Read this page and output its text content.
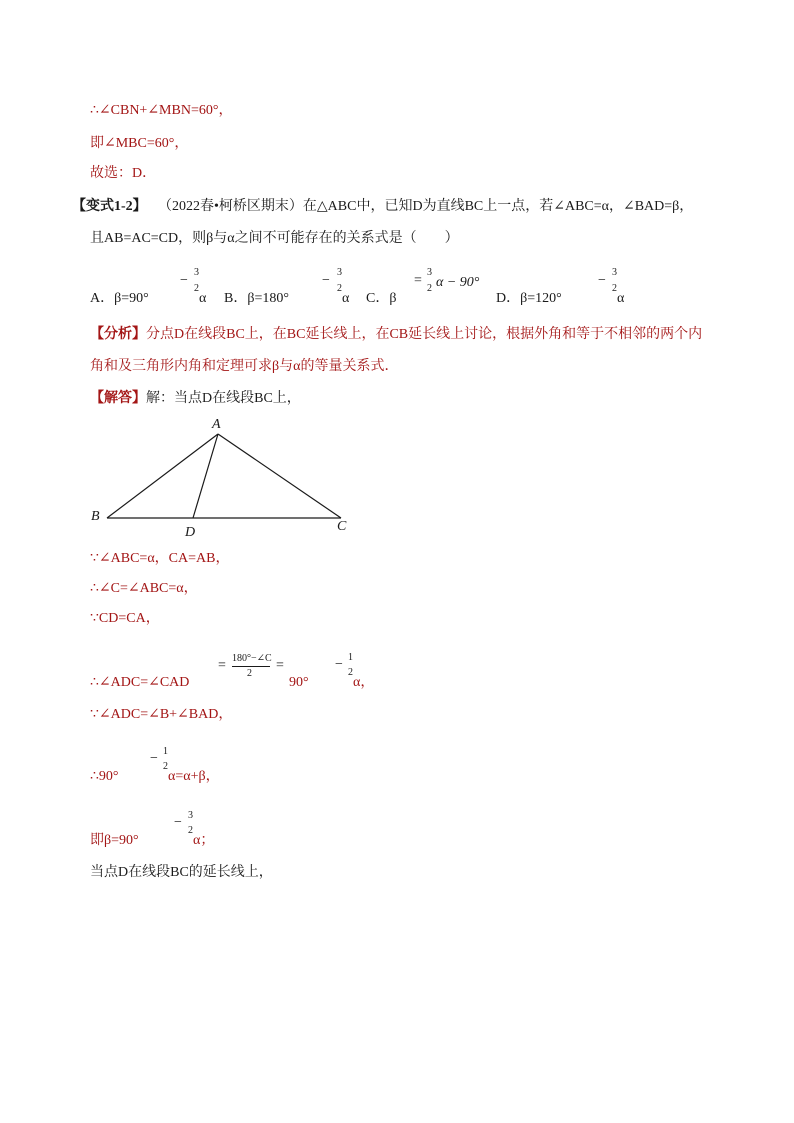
∴∠CBN+∠MBN=60°，
即∠MBC=60°，
故选：D．
【变式1-2】 （2022春•柯桥区期末）在△ABC中，已知D为直线BC上一点，若∠ABC=α，∠BAD=β，
且AB=AC=CD，则β与α之间不可能存在的关系式是（　　）
A．β=90°
−
3
2
α B．β=180°
−
3
2
α C．β
=
3
2 α − 90°
D．β=120°
−
3
2
α
【分析】 分点D在线段BC上，在BC延长线上，在CB延长线上讨论，根据外角和等于不相邻的两个内
角和及三角形内角和定理可求β与α的等量关系式．
【解答】 解：当点D在线段BC上，
A
B
D	C
∵∠ABC=α，CA=AB，
∴∠C=∠ABC=α，
∵CD=CA，
∴∠ADC=∠CAD
= 180°−∠C
2
=
90°
− 1
2
α，
∵∠ADC=∠B+∠BAD，
∴90°
− 1
2
α=α+β，
即β=90°
− 3
2
α；
当点D在线段BC的延长线上，
